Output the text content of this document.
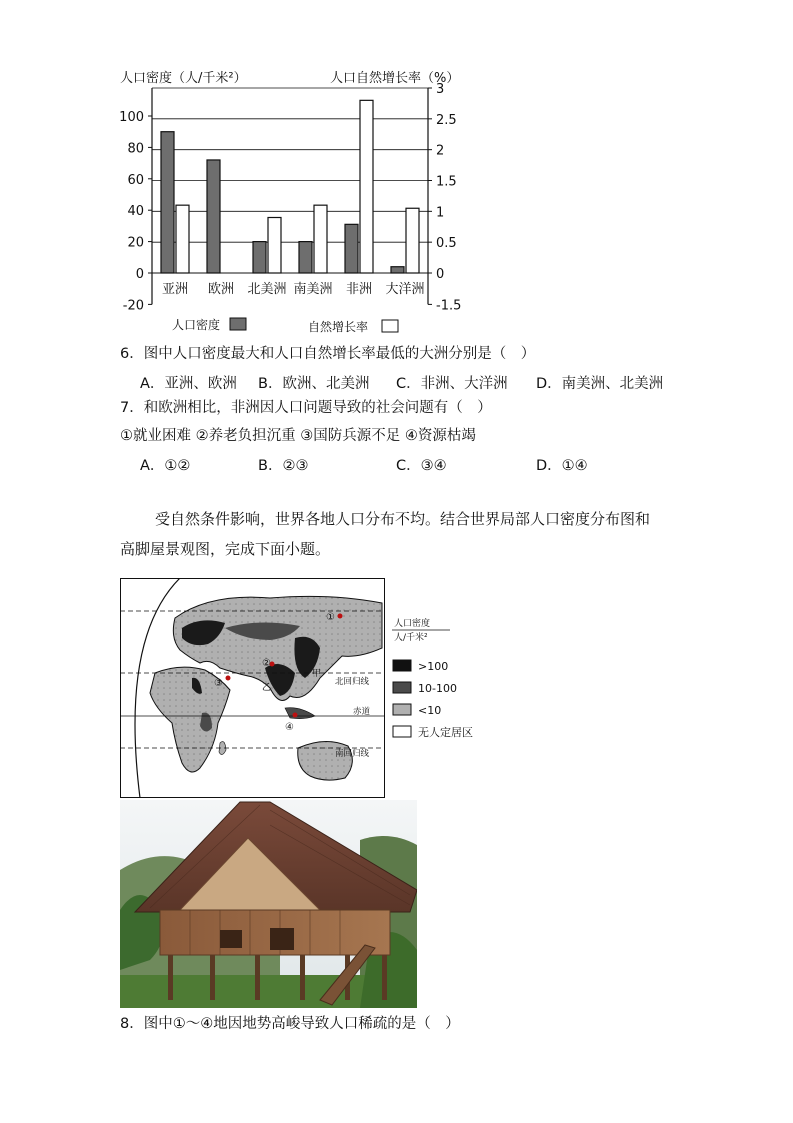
人口密度（人/千米²）	人口自然增长率（%）
100
80
60
40
20
0
-20
3
2.5
2
1.5
1
0.5
0
-1.5
亚洲 欧洲 北美洲 南美洲 非洲 大洋洲
人口密度	自然增长率
6．图中人口密度最大和人口自然增长率最低的大洲分别是（　）
A．亚洲、欧洲 B．欧洲、北美洲 C．非洲、大洋洲 D．南美洲、北美洲
7．和欧洲相比，非洲因人口问题导致的社会问题有（　）
①就业困难 ②养老负担沉重 ③国防兵源不足 ④资源枯竭
A．①②	B．②③	C．③④	D．①④
受自然条件影响，世界各地人口分布不均。结合世界局部人口密度分布图和
高脚屋景观图，完成下面小题。
①
②
③
④
甲
乙
北回归线
赤道
南回归线
人口密度
人/千米²
>100
10-100
<10
无人定居区
8．图中①～④地因地势高峻导致人口稀疏的是（　）
